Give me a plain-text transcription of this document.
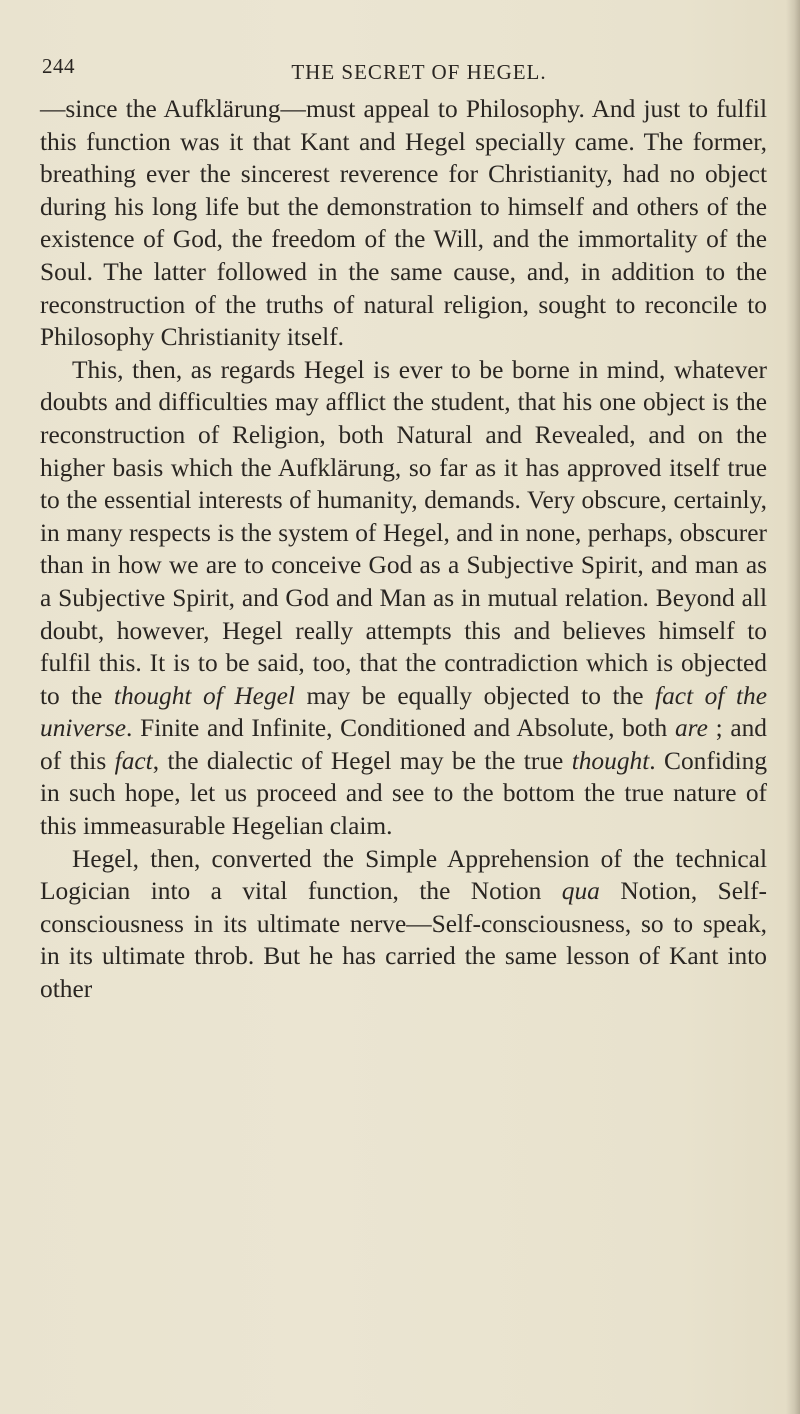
244	THE SECRET OF HEGEL.

—since the Aufklärung—must appeal to Philosophy. And just to fulfil this function was it that Kant and Hegel specially came. The former, breathing ever the sincerest reverence for Christianity, had no object during his long life but the demonstration to himself and others of the existence of God, the freedom of the Will, and the immortality of the Soul. The latter followed in the same cause, and, in addition to the reconstruction of the truths of natural religion, sought to reconcile to Philosophy Christianity itself.

This, then, as regards Hegel is ever to be borne in mind, whatever doubts and difficulties may afflict the student, that his one object is the reconstruction of Religion, both Natural and Revealed, and on the higher basis which the Aufklärung, so far as it has approved itself true to the essential interests of humanity, demands. Very obscure, certainly, in many respects is the system of Hegel, and in none, perhaps, obscurer than in how we are to conceive God as a Subjective Spirit, and man as a Subjective Spirit, and God and Man as in mutual relation. Beyond all doubt, however, Hegel really attempts this and believes himself to fulfil this. It is to be said, too, that the contradiction which is objected to the thought of Hegel may be equally objected to the fact of the universe. Finite and Infinite, Conditioned and Absolute, both are ; and of this fact, the dialectic of Hegel may be the true thought. Confiding in such hope, let us proceed and see to the bottom the true nature of this immeasurable Hegelian claim.

Hegel, then, converted the Simple Apprehension of the technical Logician into a vital function, the Notion qua Notion, Self-consciousness in its ultimate nerve—Self-consciousness, so to speak, in its ultimate throb. But he has carried the same lesson of Kant into other
